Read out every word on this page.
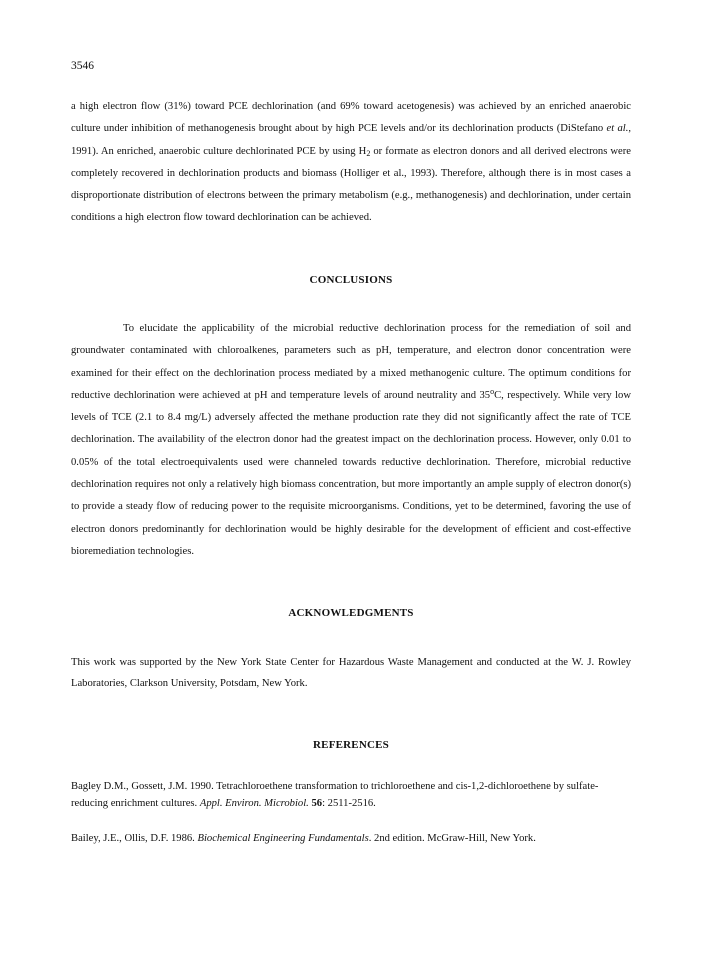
3546

a high electron flow (31%) toward PCE dechlorination (and 69% toward acetogenesis) was achieved by an enriched anaerobic culture under inhibition of methanogenesis brought about by high PCE levels and/or its dechlorination products (DiStefano et al., 1991). An enriched, anaerobic culture dechlorinated PCE by using $H_2$ or formate as electron donors and all derived electrons were completely recovered in dechlorination products and biomass (Holliger et al., 1993). Therefore, although there is in most cases a disproportionate distribution of electrons between the primary metabolism (e.g., methanogenesis) and dechlorination, under certain conditions a high electron flow toward dechlorination can be achieved.

CONCLUSIONS

To elucidate the applicability of the microbial reductive dechlorination process for the remediation of soil and groundwater contaminated with chloroalkenes, parameters such as pH, temperature, and electron donor concentration were examined for their effect on the dechlorination process mediated by a mixed methanogenic culture. The optimum conditions for reductive dechlorination were achieved at pH and temperature levels of around neutrality and 35$^o$C, respectively. While very low levels of TCE (2.1 to 8.4 mg/L) adversely affected the methane production rate they did not significantly affect the rate of TCE dechlorination. The availability of the electron donor had the greatest impact on the dechlorination process. However, only 0.01 to 0.05% of the total electroequivalents used were channeled towards reductive dechlorination. Therefore, microbial reductive dechlorination requires not only a relatively high biomass concentration, but more importantly an ample supply of electron donor(s) to provide a steady flow of reducing power to the requisite microorganisms. Conditions, yet to be determined, favoring the use of electron donors predominantly for dechlorination would be highly desirable for the development of efficient and cost-effective bioremediation technologies.

ACKNOWLEDGMENTS

This work was supported by the New York State Center for Hazardous Waste Management and conducted at the W. J. Rowley Laboratories, Clarkson University, Potsdam, New York.

REFERENCES

Bagley D.M., Gossett, J.M. 1990. Tetrachloroethene transformation to trichloroethene and cis-1,2-dichloroethene by sulfate-reducing enrichment cultures. Appl. Environ. Microbiol. 56: 2511-2516.

Bailey, J.E., Ollis, D.F. 1986. Biochemical Engineering Fundamentals. 2nd edition. McGraw-Hill, New York.
